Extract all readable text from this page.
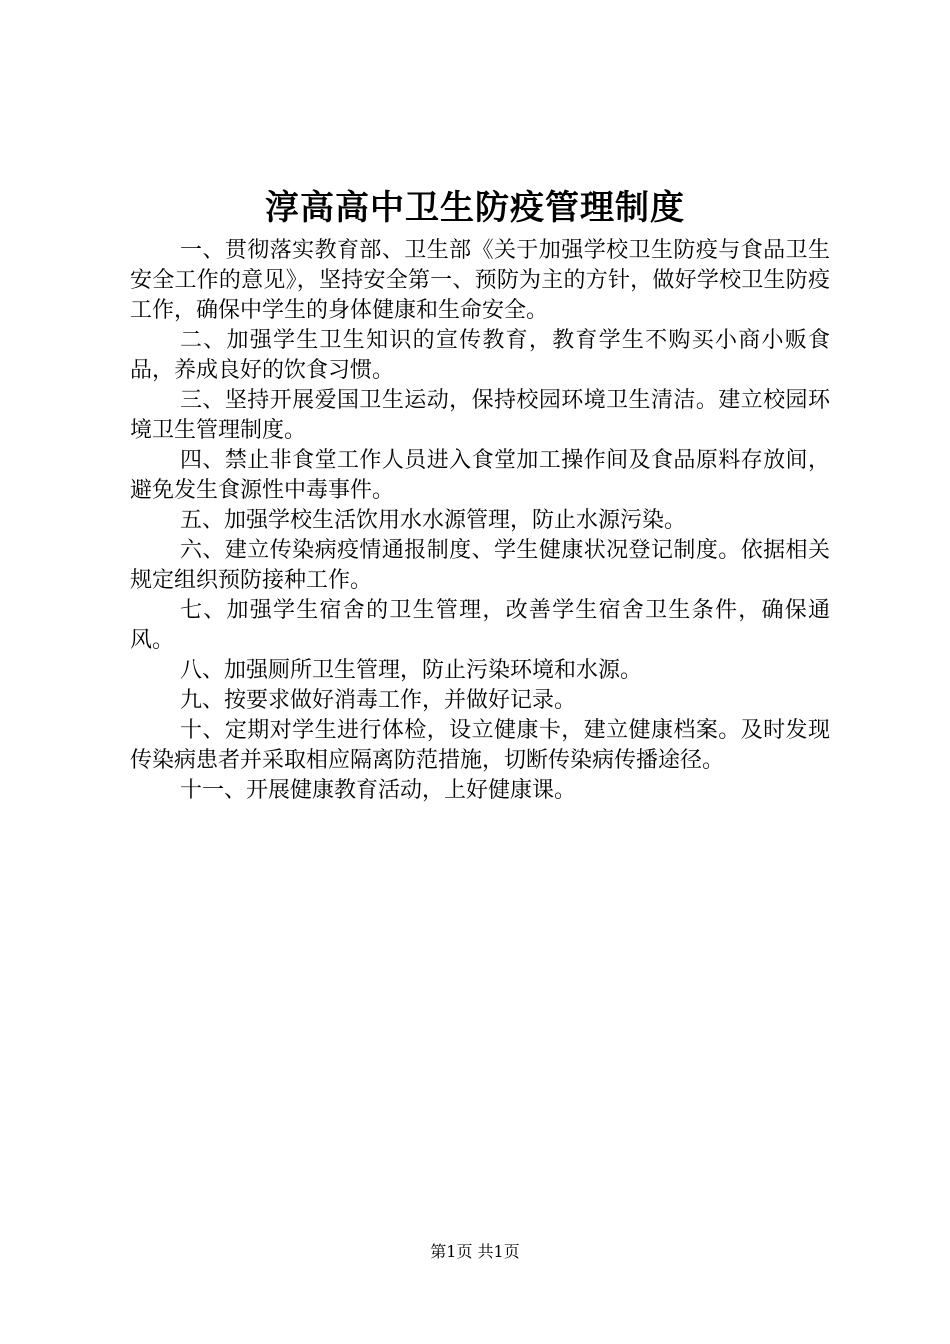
淳高高中卫生防疫管理制度

一、贯彻落实教育部、卫生部《关于加强学校卫生防疫与食品卫生安全工作的意见》，坚持安全第一、预防为主的方针，做好学校卫生防疫工作，确保中学生的身体健康和生命安全。

二、加强学生卫生知识的宣传教育，教育学生不购买小商小贩食品，养成良好的饮食习惯。

三、坚持开展爱国卫生运动，保持校园环境卫生清洁。建立校园环境卫生管理制度。

四、禁止非食堂工作人员进入食堂加工操作间及食品原料存放间，避免发生食源性中毒事件。

五、加强学校生活饮用水水源管理，防止水源污染。

六、建立传染病疫情通报制度、学生健康状况登记制度。依据相关规定组织预防接种工作。

七、加强学生宿舍的卫生管理，改善学生宿舍卫生条件，确保通风。

八、加强厕所卫生管理，防止污染环境和水源。

九、按要求做好消毒工作，并做好记录。

十、定期对学生进行体检，设立健康卡，建立健康档案。及时发现传染病患者并采取相应隔离防范措施，切断传染病传播途径。

十一、开展健康教育活动，上好健康课。

第1页 共1页
